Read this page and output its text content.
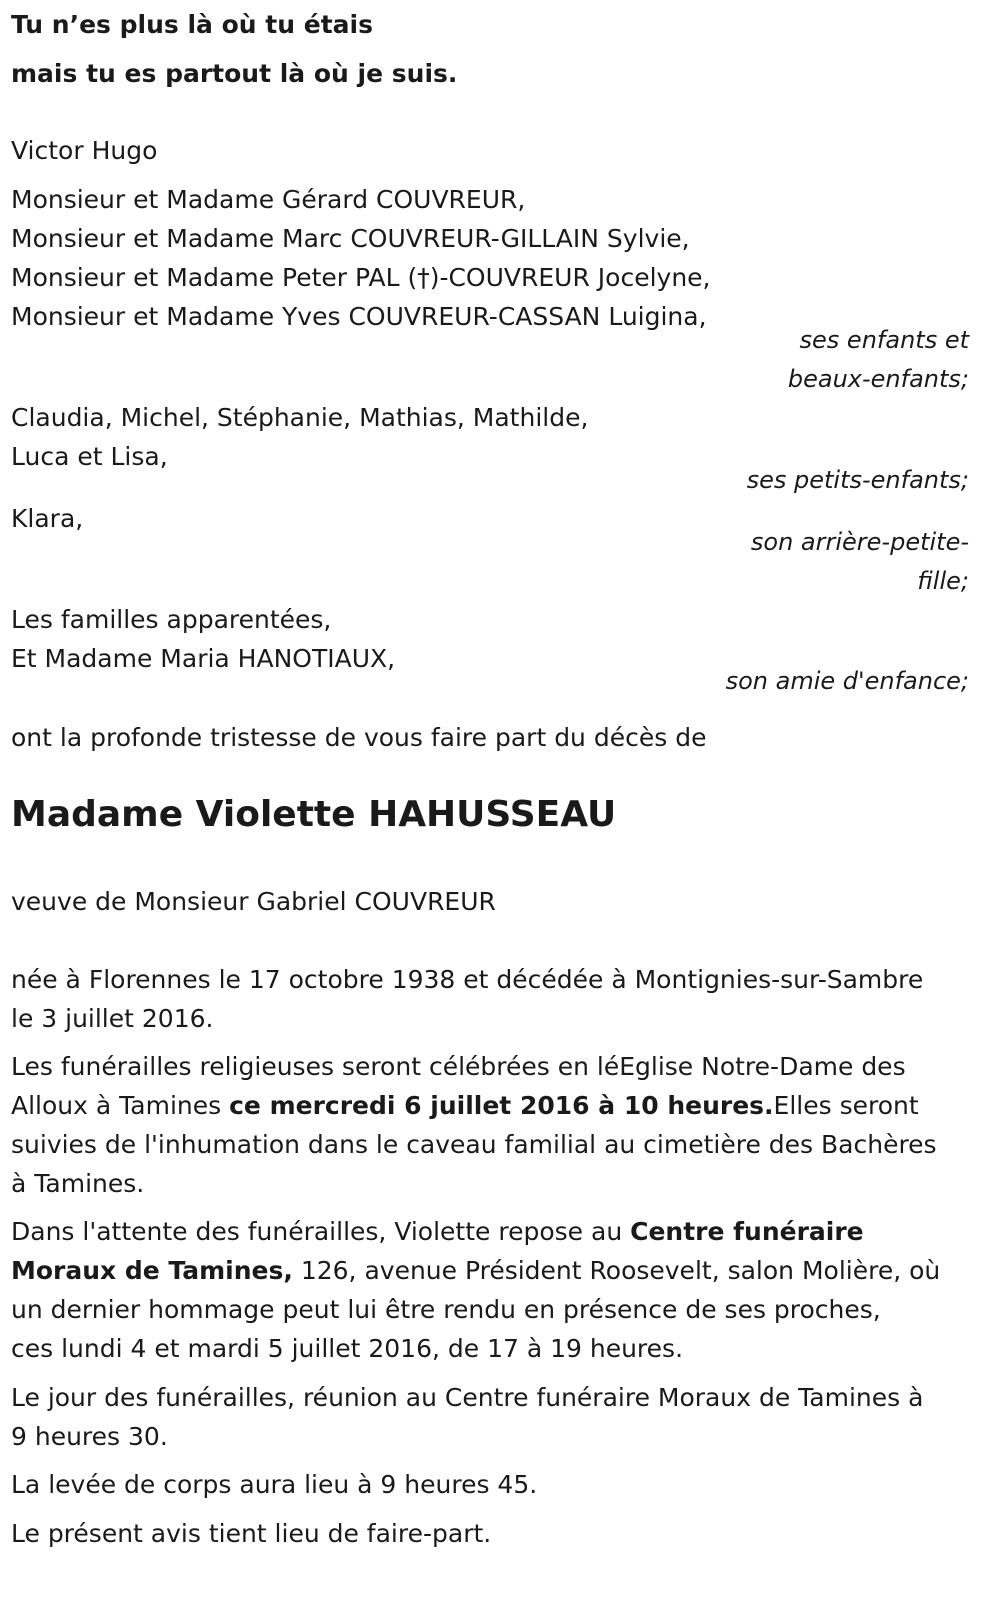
Tu n’es plus là où tu étais
mais tu es partout là où je suis.
Victor Hugo
Monsieur et Madame Gérard COUVREUR,
Monsieur et Madame Marc COUVREUR-GILLAIN Sylvie,
Monsieur et Madame Peter PAL (†)-COUVREUR Jocelyne,
Monsieur et Madame Yves COUVREUR-CASSAN Luigina,
ses enfants et
beaux-enfants;
Claudia, Michel, Stéphanie, Mathias, Mathilde,
Luca et Lisa,
ses petits-enfants;
Klara,
son arrière-petite-
fille;
Les familles apparentées,
Et Madame Maria HANOTIAUX,
son amie d'enfance;
ont la profonde tristesse de vous faire part du décès de
Madame Violette HAHUSSEAU
veuve de Monsieur Gabriel COUVREUR
née à Florennes le 17 octobre 1938 et décédée à Montignies-sur-Sambre
le 3 juillet 2016.
Les funérailles religieuses seront célébrées en léEglise Notre-Dame des
Alloux à Tamines ce mercredi 6 juillet 2016 à 10 heures.Elles seront
suivies de l'inhumation dans le caveau familial au cimetière des Bachères
à Tamines.
Dans l'attente des funérailles, Violette repose au Centre funéraire
Moraux de Tamines, 126, avenue Président Roosevelt, salon Molière, où
un dernier hommage peut lui être rendu en présence de ses proches,
ces lundi 4 et mardi 5 juillet 2016, de 17 à 19 heures.
Le jour des funérailles, réunion au Centre funéraire Moraux de Tamines à
9 heures 30.
La levée de corps aura lieu à 9 heures 45.
Le présent avis tient lieu de faire-part.
